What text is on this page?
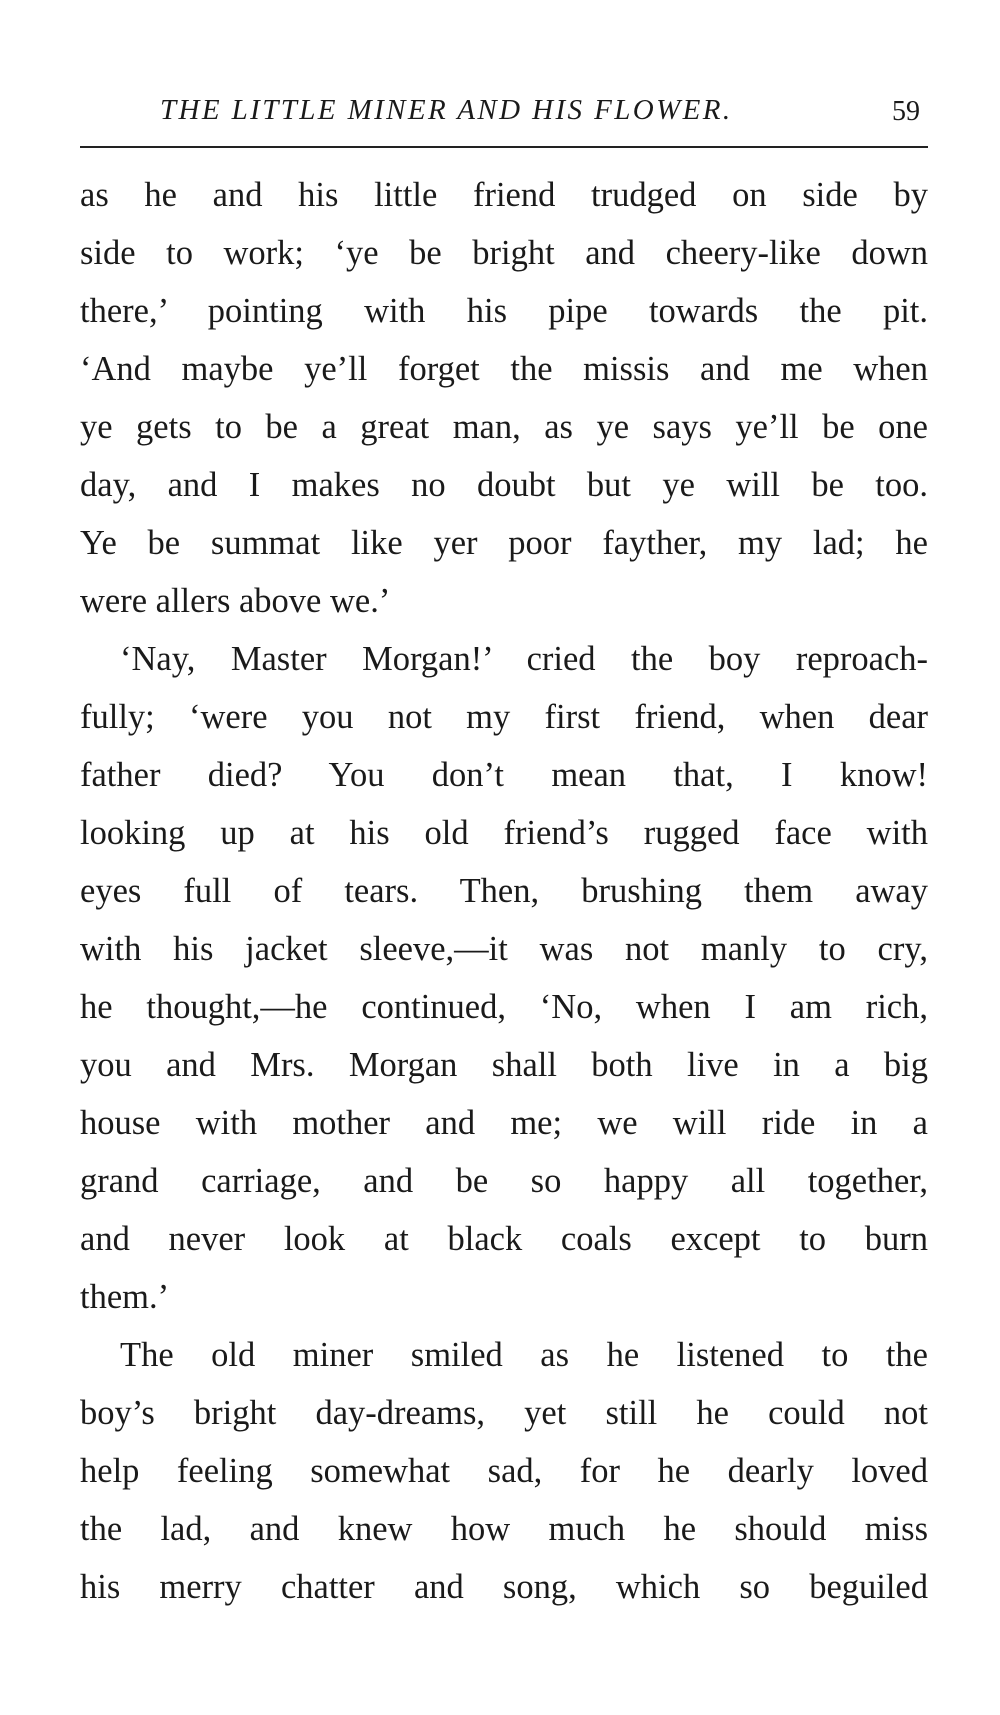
THE LITTLE MINER AND HIS FLOWER.	59
as he and his little friend trudged on side by
side to work; ‘ye be bright and cheery-like down
there,’ pointing with his pipe towards the pit.
‘And maybe ye’ll forget the missis and me when
ye gets to be a great man, as ye says ye’ll be one
day, and I makes no doubt but ye will be too.
Ye be summat like yer poor fayther, my lad; he
were allers above we.’
‘Nay, Master Morgan!’ cried the boy reproach-
fully; ‘were you not my first friend, when dear
father died? You don’t mean that, I know!
looking up at his old friend’s rugged face with
eyes full of tears. Then, brushing them away
with his jacket sleeve,—it was not manly to cry,
he thought,—he continued, ‘No, when I am rich,
you and Mrs. Morgan shall both live in a big
house with mother and me; we will ride in a
grand carriage, and be so happy all together,
and never look at black coals except to burn
them.’
The old miner smiled as he listened to the
boy’s bright day-dreams, yet still he could not
help feeling somewhat sad, for he dearly loved
the lad, and knew how much he should miss
his merry chatter and song, which so beguiled
